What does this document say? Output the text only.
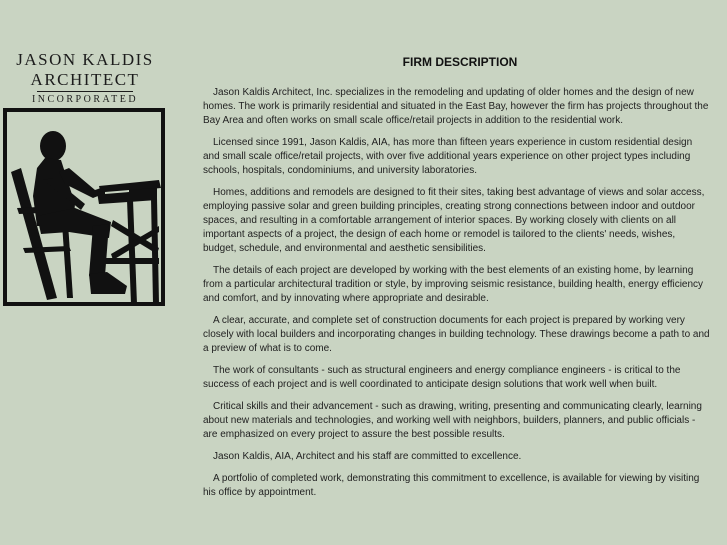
JASON KALDIS
ARCHITECT
INCORPORATED
FIRM DESCRIPTION

Jason Kaldis Architect, Inc. specializes in the remodeling and updating of older homes and the design of new homes. The work is primarily residential and situated in the East Bay, however the firm has projects throughout the Bay Area and often works on small scale office/retail projects in addition to the residential work.

Licensed since 1991, Jason Kaldis, AIA, has more than fifteen years experience in custom residential design and small scale office/retail projects, with over five additional years experience on other project types including schools, hospitals, condominiums, and university laboratories.

Homes, additions and remodels are designed to fit their sites, taking best advantage of views and solar access, employing passive solar and green building principles, creating strong connections between indoor and outdoor spaces, and resulting in a comfortable arrangement of interior spaces. By working closely with clients on all important aspects of a project, the design of each home or remodel is tailored to the clients' needs, wishes, budget, schedule, and environmental and aesthetic sensibilities.

The details of each project are developed by working with the best elements of an existing home, by learning from a particular architectural tradition or style, by improving seismic resistance, building health, energy efficiency and comfort, and by innovating where appropriate and desirable.

A clear, accurate, and complete set of construction documents for each project is prepared by working very closely with local builders and incorporating changes in building technology. These drawings become a path to and a preview of what is to come.

The work of consultants - such as structural engineers and energy compliance engineers - is critical to the success of each project and is well coordinated to anticipate design solutions that work well when built.

Critical skills and their advancement - such as drawing, writing, presenting and communicating clearly, learning about new materials and technologies, and working well with neighbors, builders, planners, and public officials - are emphasized on every project to assure the best possible results.

Jason Kaldis, AIA, Architect and his staff are committed to excellence.

A portfolio of completed work, demonstrating this commitment to excellence, is available for viewing by visiting his office by appointment.
